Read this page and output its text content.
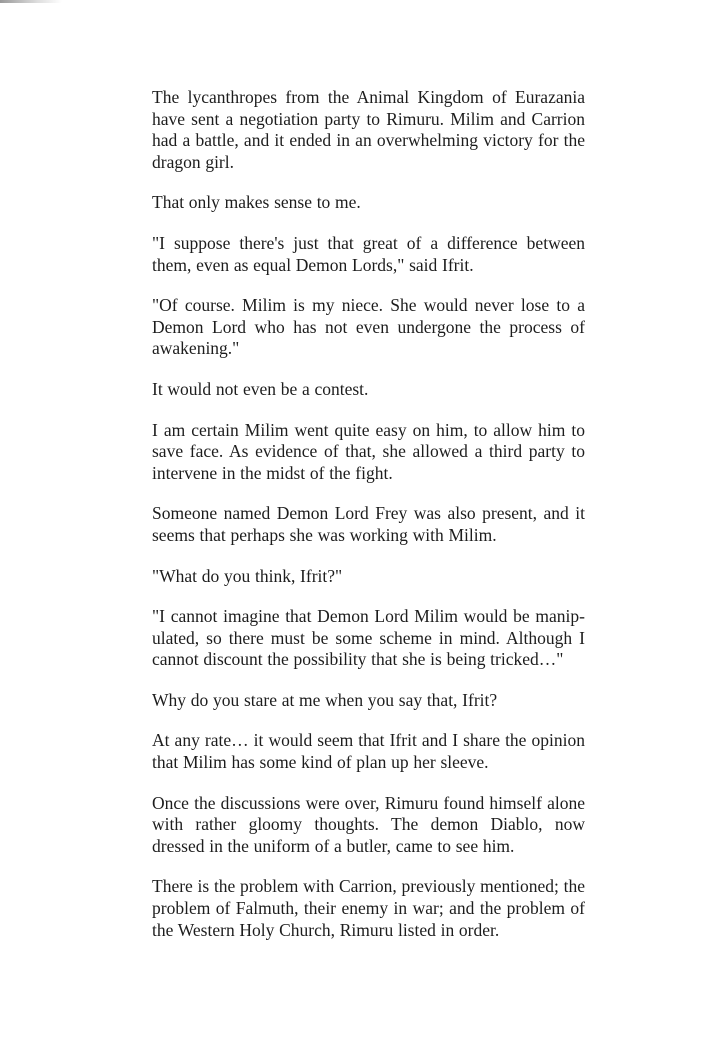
The lycanthropes from the Animal Kingdom of Eurazania have sent a negotiation party to Rimuru. Milim and Carrion had a battle, and it ended in an overwhelming victory for the dragon girl.

That only makes sense to me.

"I suppose there's just that great of a difference between them, even as equal Demon Lords," said Ifrit.

"Of course. Milim is my niece. She would never lose to a Demon Lord who has not even undergone the process of awakening."

It would not even be a contest.

I am certain Milim went quite easy on him, to allow him to save face. As evidence of that, she allowed a third party to intervene in the midst of the fight.

Someone named Demon Lord Frey was also present, and it seems that perhaps she was working with Milim.

"What do you think, Ifrit?"

"I cannot imagine that Demon Lord Milim would be manipulated, so there must be some scheme in mind. Although I cannot discount the possibility that she is being tricked…"

Why do you stare at me when you say that, Ifrit?

At any rate… it would seem that Ifrit and I share the opinion that Milim has some kind of plan up her sleeve.

Once the discussions were over, Rimuru found himself alone with rather gloomy thoughts. The demon Diablo, now dressed in the uniform of a butler, came to see him.

There is the problem with Carrion, previously mentioned; the problem of Falmuth, their enemy in war; and the problem of the Western Holy Church, Rimuru listed in order.
